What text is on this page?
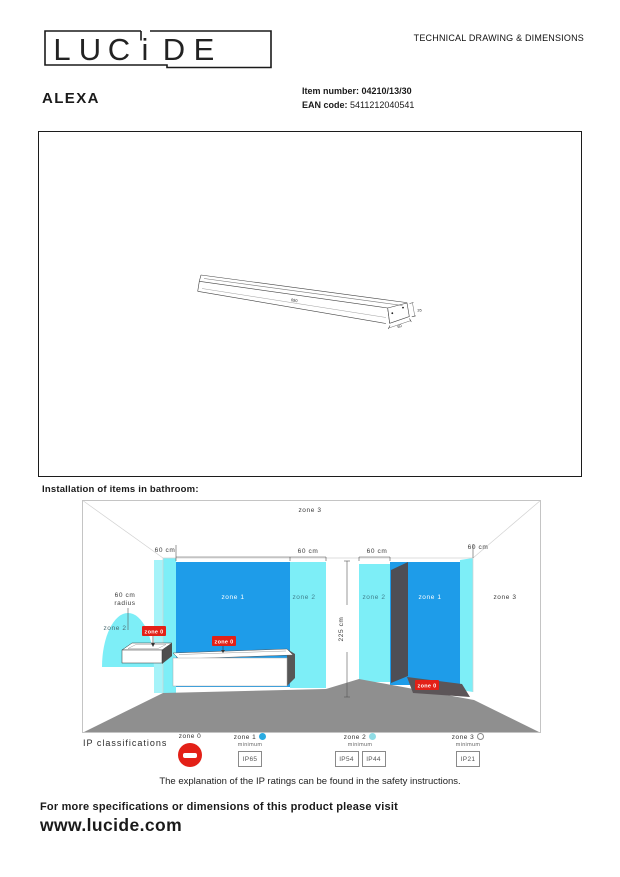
L U C i D E	TECHNICAL DRAWING & DIMENSIONS
ALEXA	Item number: 04210/13/30
EAN code: 5411212040541
690
35
60
Installation of items in bathroom:
zone 3
60 cm	60 cm	60 cm
60 cm
225 cm
60 cm
radius
zone 2
zone 1	zone 2	zone 2	zone 1	zone 3
zone 0
zone 0
zone 0
IP classifications
zone 0	zone 1
minimum
IP65
zone 2
minimum
IP54	IP44
zone 3
minimum
IP21
The explanation of the IP ratings can be found in the safety instructions.
For more specifications or dimensions of this product please visit
www.lucide.com
